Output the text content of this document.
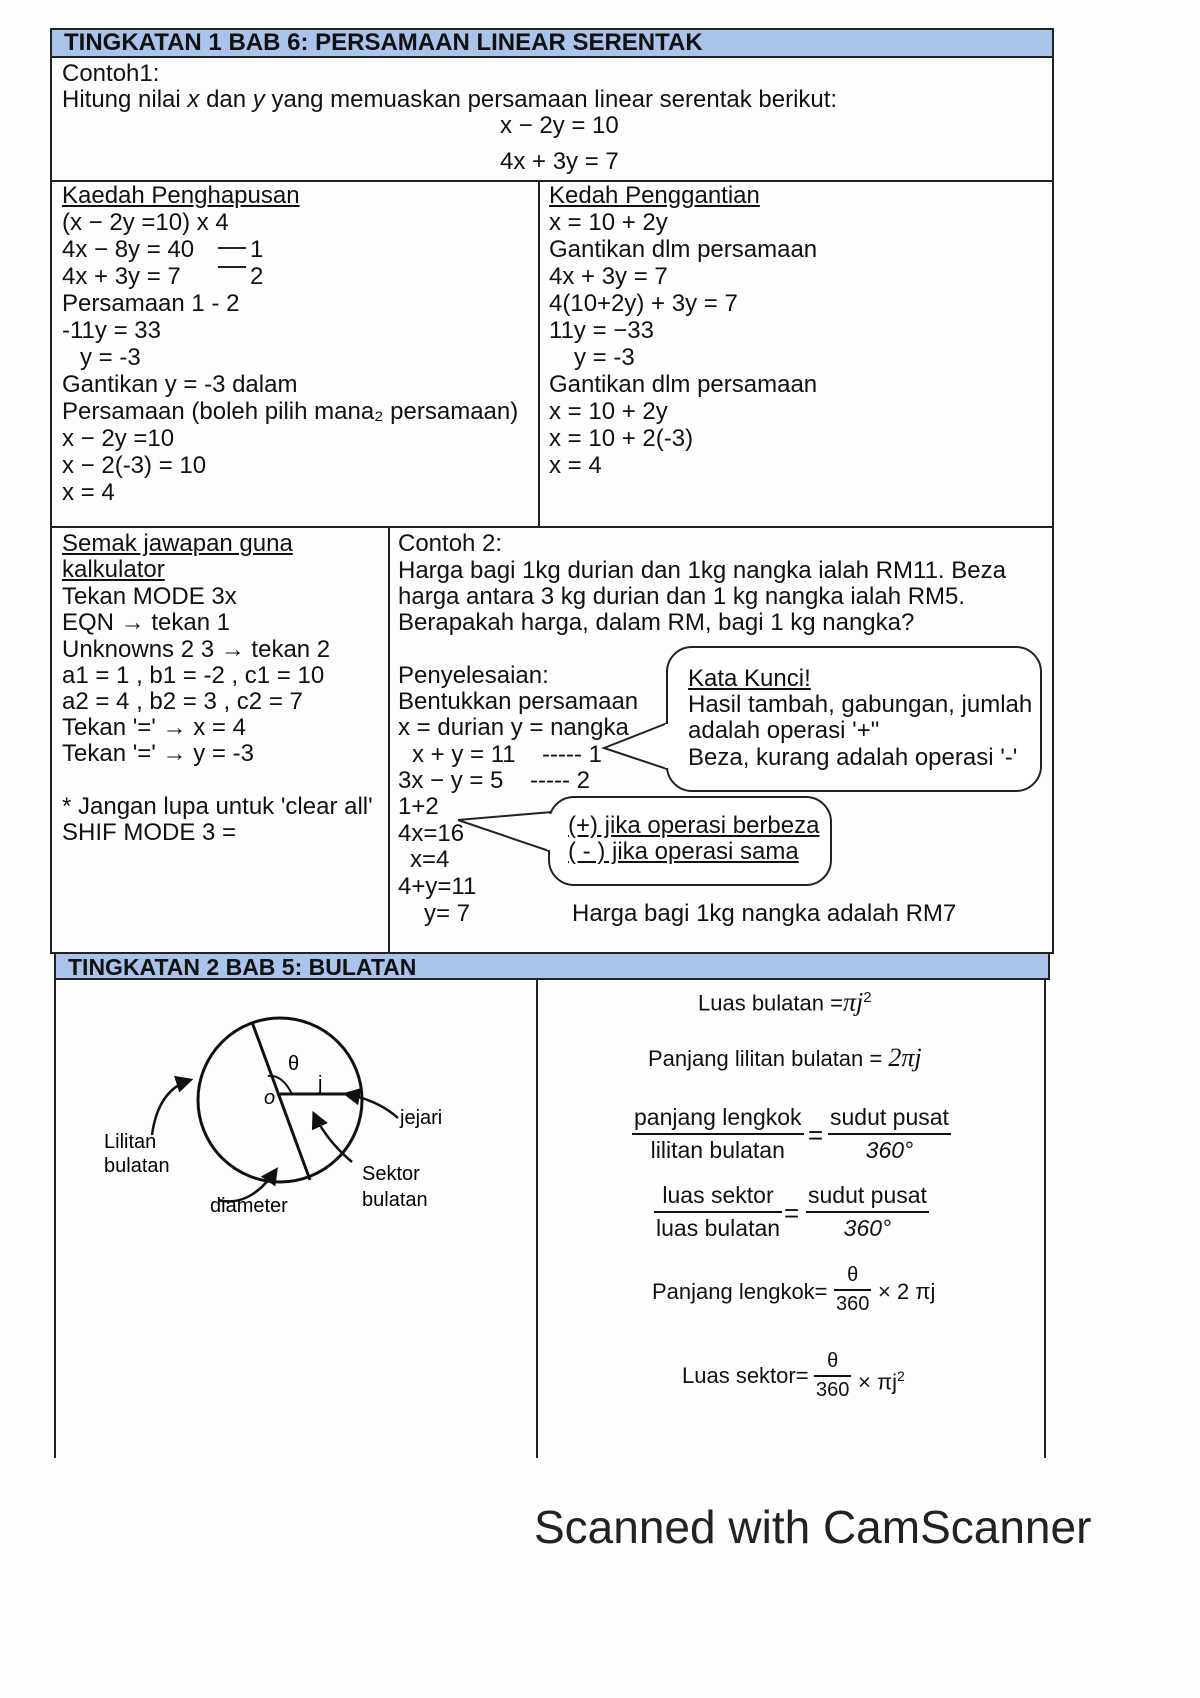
TINGKATAN 1 BAB 6: PERSAMAAN LINEAR SERENTAK
Contoh1:
Hitung nilai x dan y yang memuaskan persamaan linear serentak berikut:
x − 2y = 10
4x + 3y = 7
Kaedah Penghapusan
(x − 2y =10) x 4
4x − 8y = 40 1
4x + 3y = 7	2
Persamaan 1 - 2
-11y = 33
y = -3
Gantikan y = -3 dalam
Persamaan (boleh pilih mana₂ persamaan)
x − 2y =10
x − 2(-3) = 10
x = 4
Kedah Penggantian
x = 10 + 2y
Gantikan dlm persamaan
4x + 3y = 7
4(10+2y) + 3y = 7
11y = −33
y = -3
Gantikan dlm persamaan
x = 10 + 2y
x = 10 + 2(-3)
x = 4
Semak jawapan guna
kalkulator
Tekan MODE 3x
EQN → tekan 1
Unknowns 2 3 → tekan 2
a1 = 1 , b1 = -2 , c1 = 10
a2 = 4 , b2 = 3 , c2 = 7
Tekan '=' → x = 4
Tekan '=' → y = -3
* Jangan lupa untuk 'clear all'
SHIF MODE 3 =
Contoh 2:
Harga bagi 1kg durian dan 1kg nangka ialah RM11. Beza
harga antara 3 kg durian dan 1 kg nangka ialah RM5.
Berapakah harga, dalam RM, bagi 1 kg nangka?
Penyelesaian:
Bentukkan persamaan
x = durian y = nangka
x + y = 11 ----- 1
3x − y = 5 ----- 2
1+2
4x=16
x=4
4+y=11
y= 7	Harga bagi 1kg nangka adalah RM7
Kata Kunci!
Hasil tambah, gabungan, jumlah
adalah operasi '+"
Beza, kurang adalah operasi '-'
(+) jika operasi berbeza
( - ) jika operasi sama
TINGKATAN 2 BAB 5: BULATAN
θ
j
o
Lilitan
bulatan
jejari
Sektor
bulatan
diameter
Luas bulatan $=\pi j^2$
Panjang lilitan bulatan = 2πj
panjang lengkok
lilitan bulatan =
sudut pusat
360°
luas sektor
luas bulatan =
sudut pusat
360°
Panjang lengkok=
θ
360 × 2 πj
Luas sektor=
θ
$360 \times \pi j^2$
Scanned with CamScanner
